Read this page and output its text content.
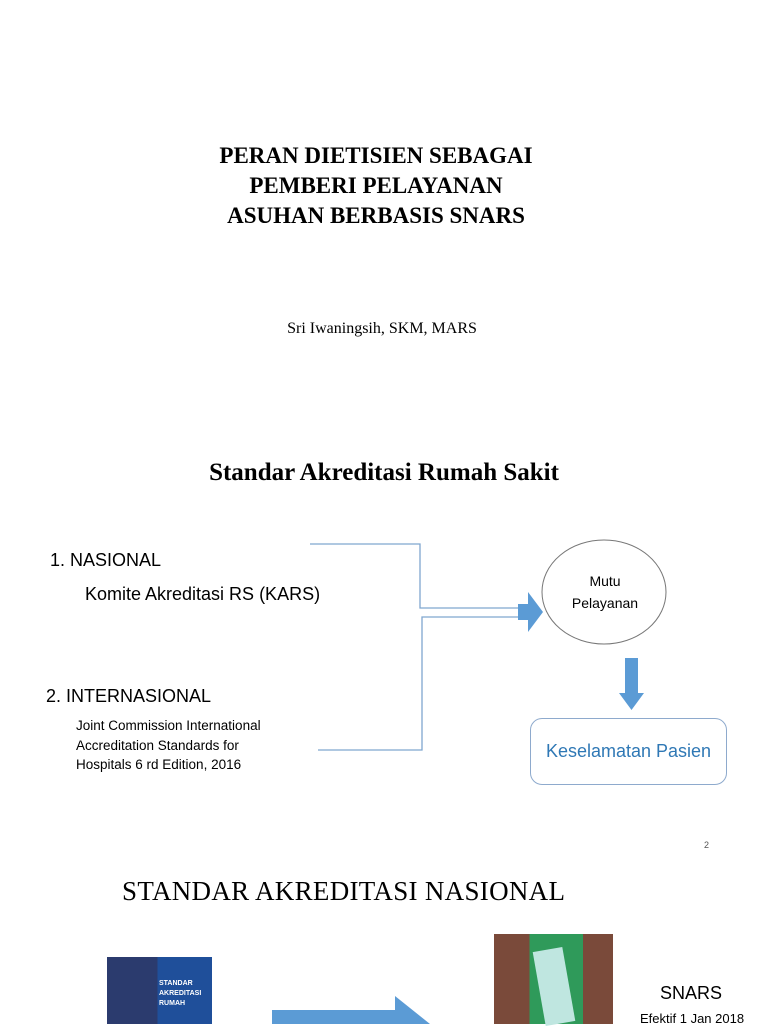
PERAN DIETISIEN SEBAGAI
PEMBERI PELAYANAN
ASUHAN BERBASIS SNARS
Sri Iwaningsih, SKM, MARS
Standar Akreditasi Rumah Sakit
1. NASIONAL
Komite Akreditasi RS (KARS)
2. INTERNASIONAL
Joint Commission International
Accreditation Standards for
Hospitals 6 rd Edition, 2016
Mutu
Pelayanan
Keselamatan Pasien
2
STANDAR AKREDITASI NASIONAL
STANDAR AKREDITASI RUMAH
SNARS
Efektif 1 Jan 2018
